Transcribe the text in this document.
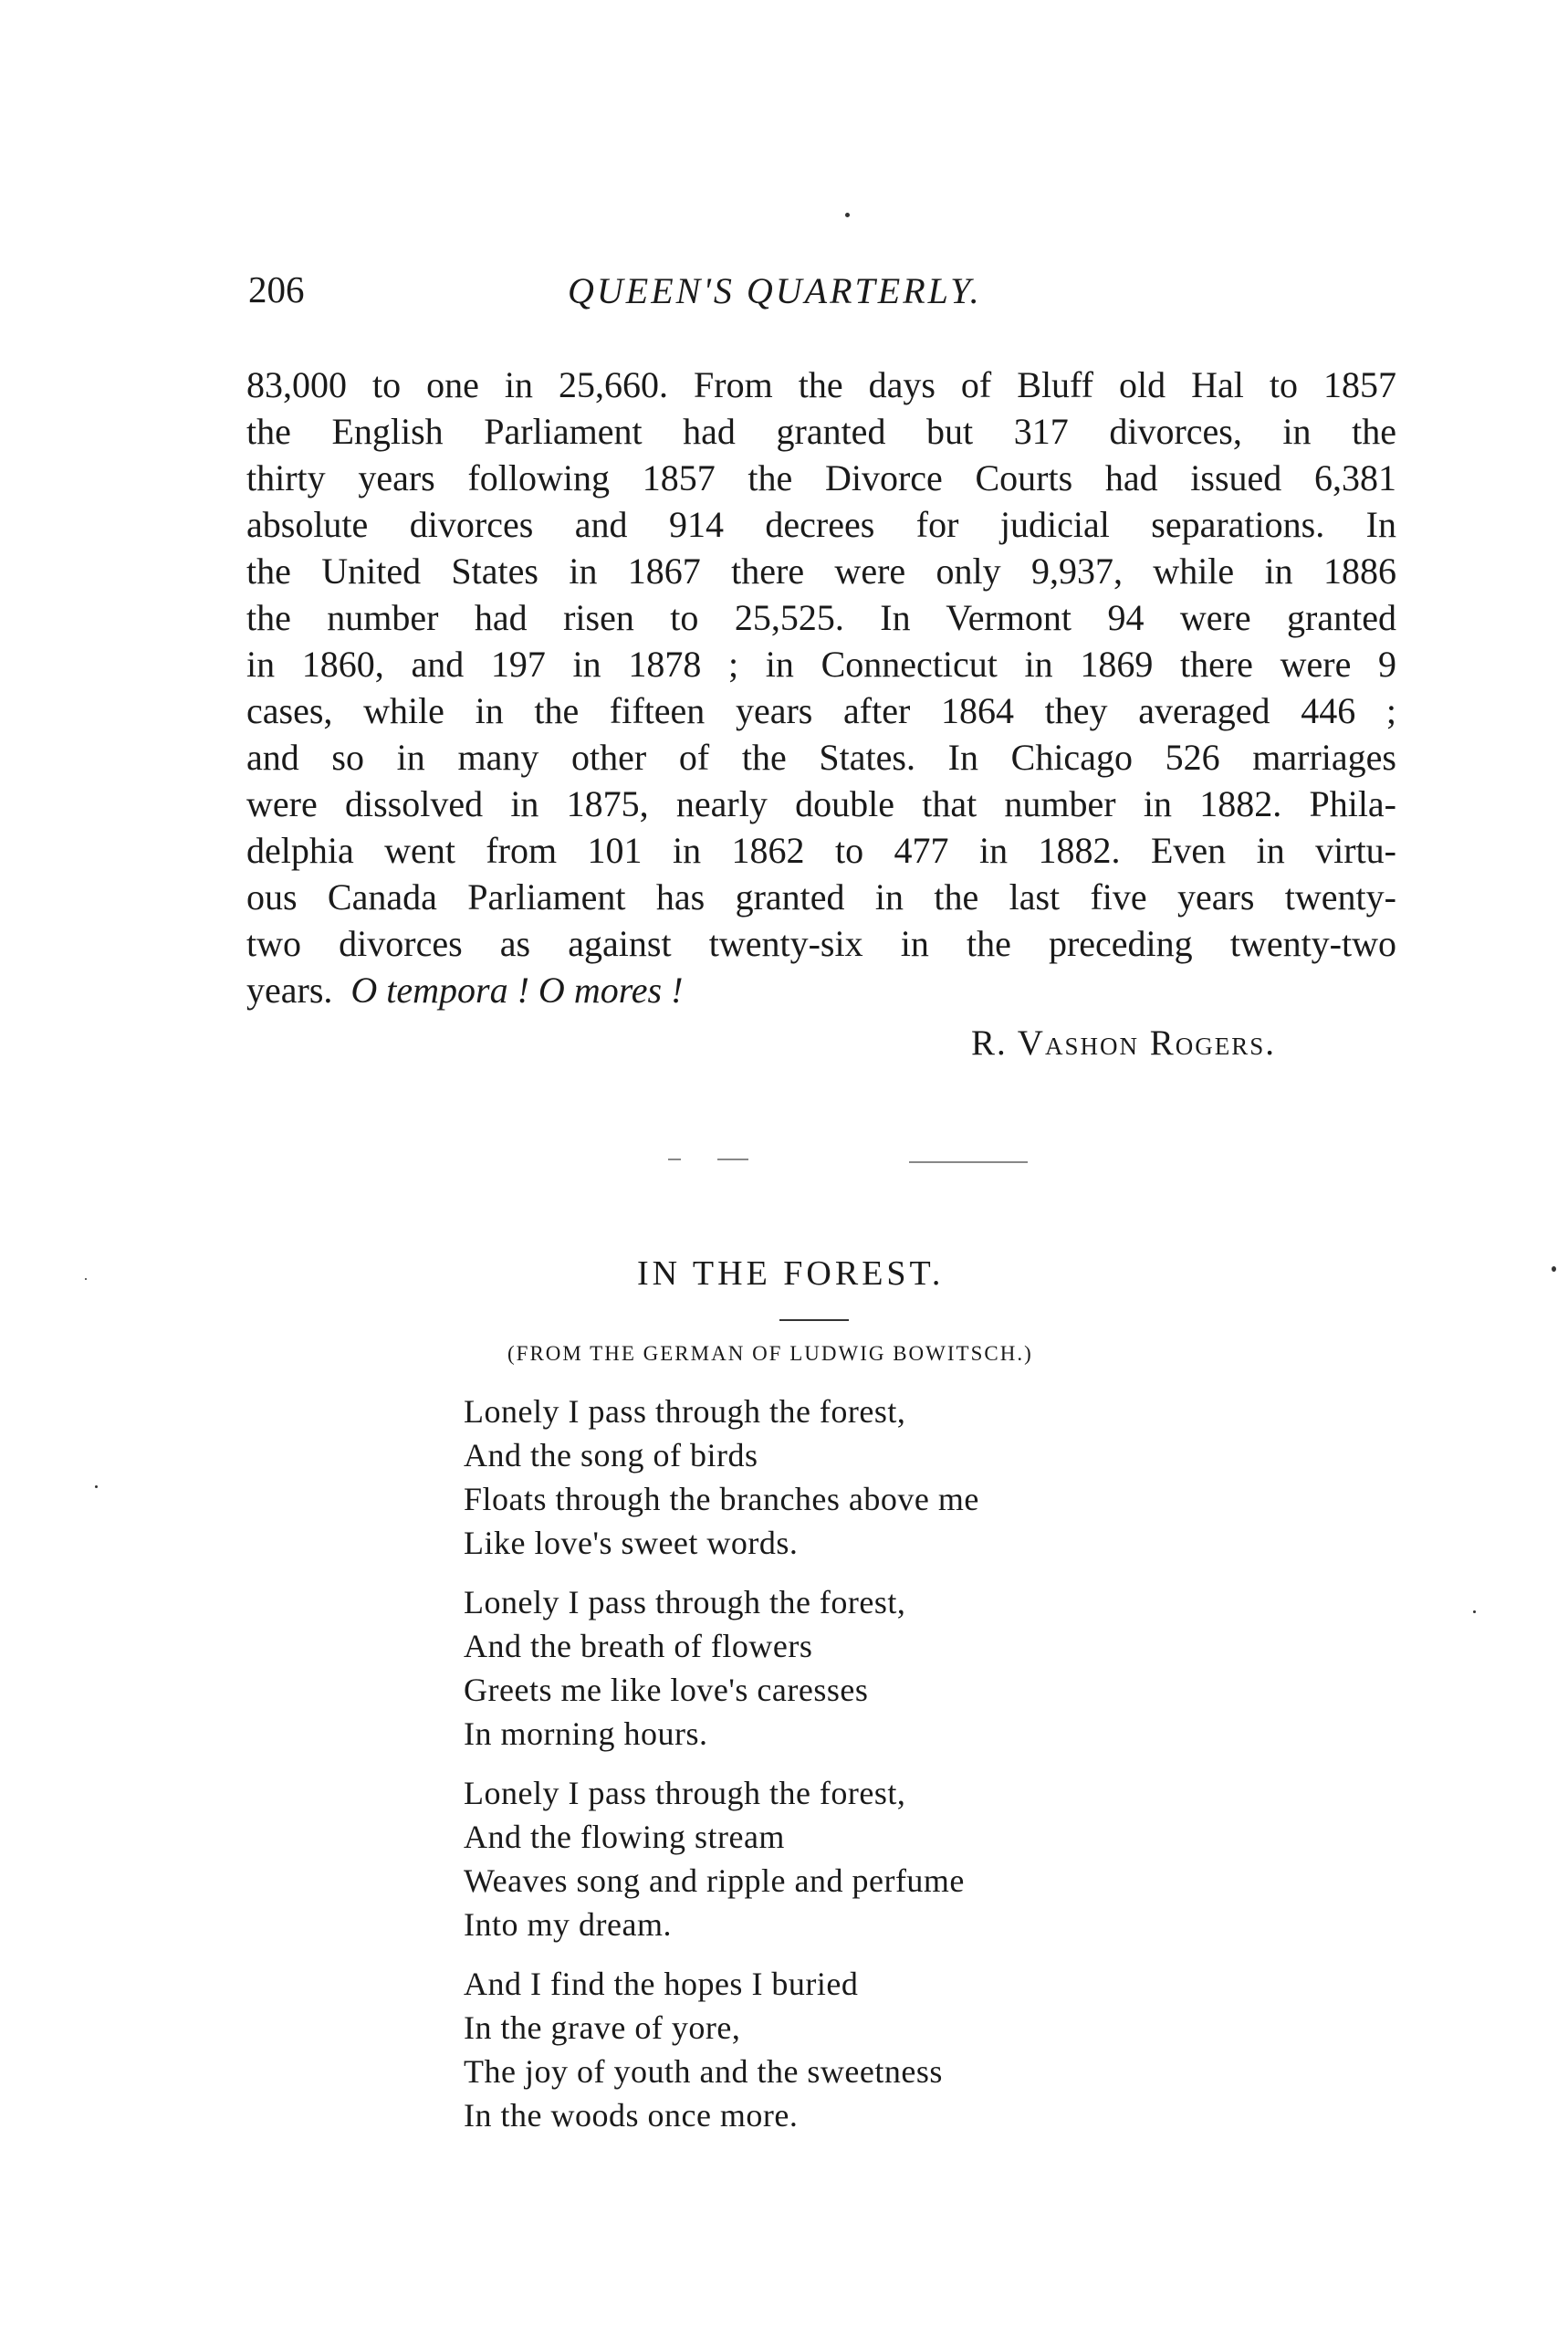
206	QUEEN'S QUARTERLY.
83,000 to one in 25,660. From the days of Bluff old Hal to 1857
the English Parliament had granted but 317 divorces, in the
thirty years following 1857 the Divorce Courts had issued 6,381
absolute divorces and 914 decrees for judicial separations. In
the United States in 1867 there were only 9,937, while in 1886
the number had risen to 25,525. In Vermont 94 were granted
in 1860, and 197 in 1878 ; in Connecticut in 1869 there were 9
cases, while in the fifteen years after 1864 they averaged 446 ;
and so in many other of the States. In Chicago 526 marriages
were dissolved in 1875, nearly double that number in 1882. Phila-
delphia went from 101 in 1862 to 477 in 1882. Even in virtu-
ous Canada Parliament has granted in the last five years twenty-
two divorces as against twenty-six in the preceding twenty-two
years.  O tempora ! O mores !
R. Vashon Rogers.
IN THE FOREST.
(FROM THE GERMAN OF LUDWIG BOWITSCH.)
Lonely I pass through the forest,
And the song of birds
Floats through the branches above me
Like love's sweet words.
Lonely I pass through the forest,
And the breath of flowers
Greets me like love's caresses
In morning hours.
Lonely I pass through the forest,
And the flowing stream
Weaves song and ripple and perfume
Into my dream.
And I find the hopes I buried
In the grave of yore,
The joy of youth and the sweetness
In the woods once more.
